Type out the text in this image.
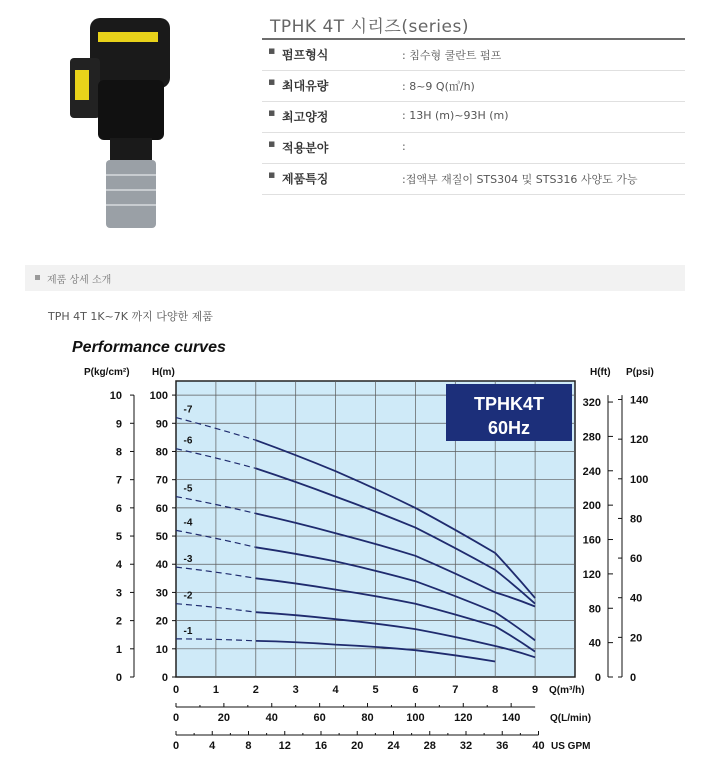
TPHK 4T 시리즈(series)
▪ 펌프형식	: 침수형 쿨란트 펌프
▪ 최대유량	: 8~9 Q(㎥/h)
▪ 최고양정	: 13H (m)~93H (m)
▪ 적용분야	:
▪ 제품특징	:접액부 재질이 STS304 및 STS316 사양도 가능
제품 상세 소개
TPH 4T 1K~7K 까지 다양한 제품
Performance curves
TPHK4T
60Hz
0
1
2
3
4
5
6
7
8
9
10
P(kg/cm²)
0
10
20
30
40
50
60
70
80
90
100
H(m)
0
40
80
120
160
200
240
280
320
H(ft)
0
20
40
60
80
100
120
140
P(psi)
0	1	2	3	4	5	6	7	8	9 Q(m³/h)
0	20	40	60	80	100	120	140	Q(L/min)
0	4	8 12 16 20 24 28 32 36 40 US GPM
-1
-2
-3
-4
-5
-6
-7
